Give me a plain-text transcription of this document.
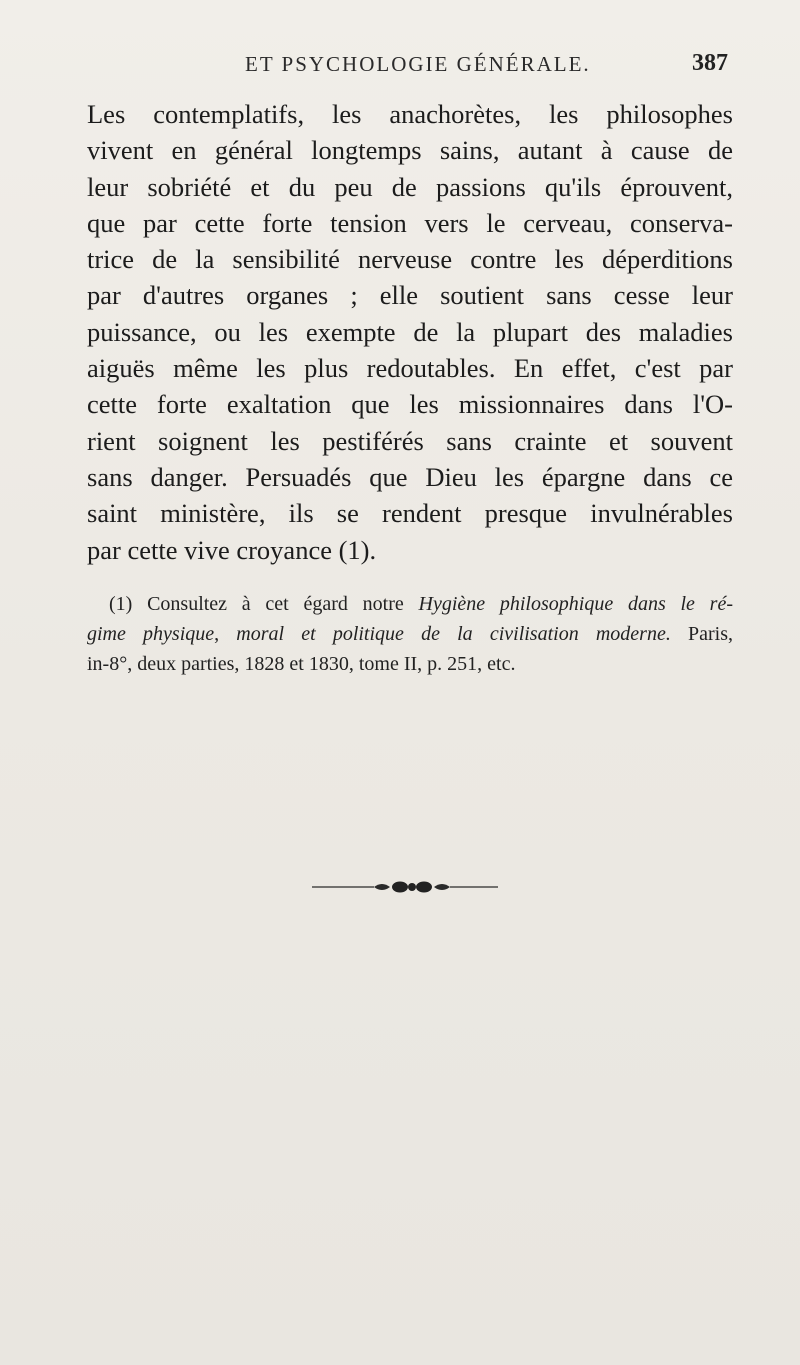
ET PSYCHOLOGIE GÉNÉRALE.	387
Les contemplatifs, les anachorètes, les philosophes
vivent en général longtemps sains, autant à cause de
leur sobriété et du peu de passions qu'ils éprouvent,
que par cette forte tension vers le cerveau, conserva-
trice de la sensibilité nerveuse contre les déperditions
par d'autres organes ; elle soutient sans cesse leur
puissance, ou les exempte de la plupart des maladies
aiguës même les plus redoutables. En effet, c'est par
cette forte exaltation que les missionnaires dans l'O-
rient soignent les pestiférés sans crainte et souvent
sans danger. Persuadés que Dieu les épargne dans ce
saint ministère, ils se rendent presque invulnérables
par cette vive croyance (1).
(1) Consultez à cet égard notre Hygiène philosophique dans le ré-
gime physique, moral et politique de la civilisation moderne. Paris,
in-8°, deux parties, 1828 et 1830, tome II, p. 251, etc.
